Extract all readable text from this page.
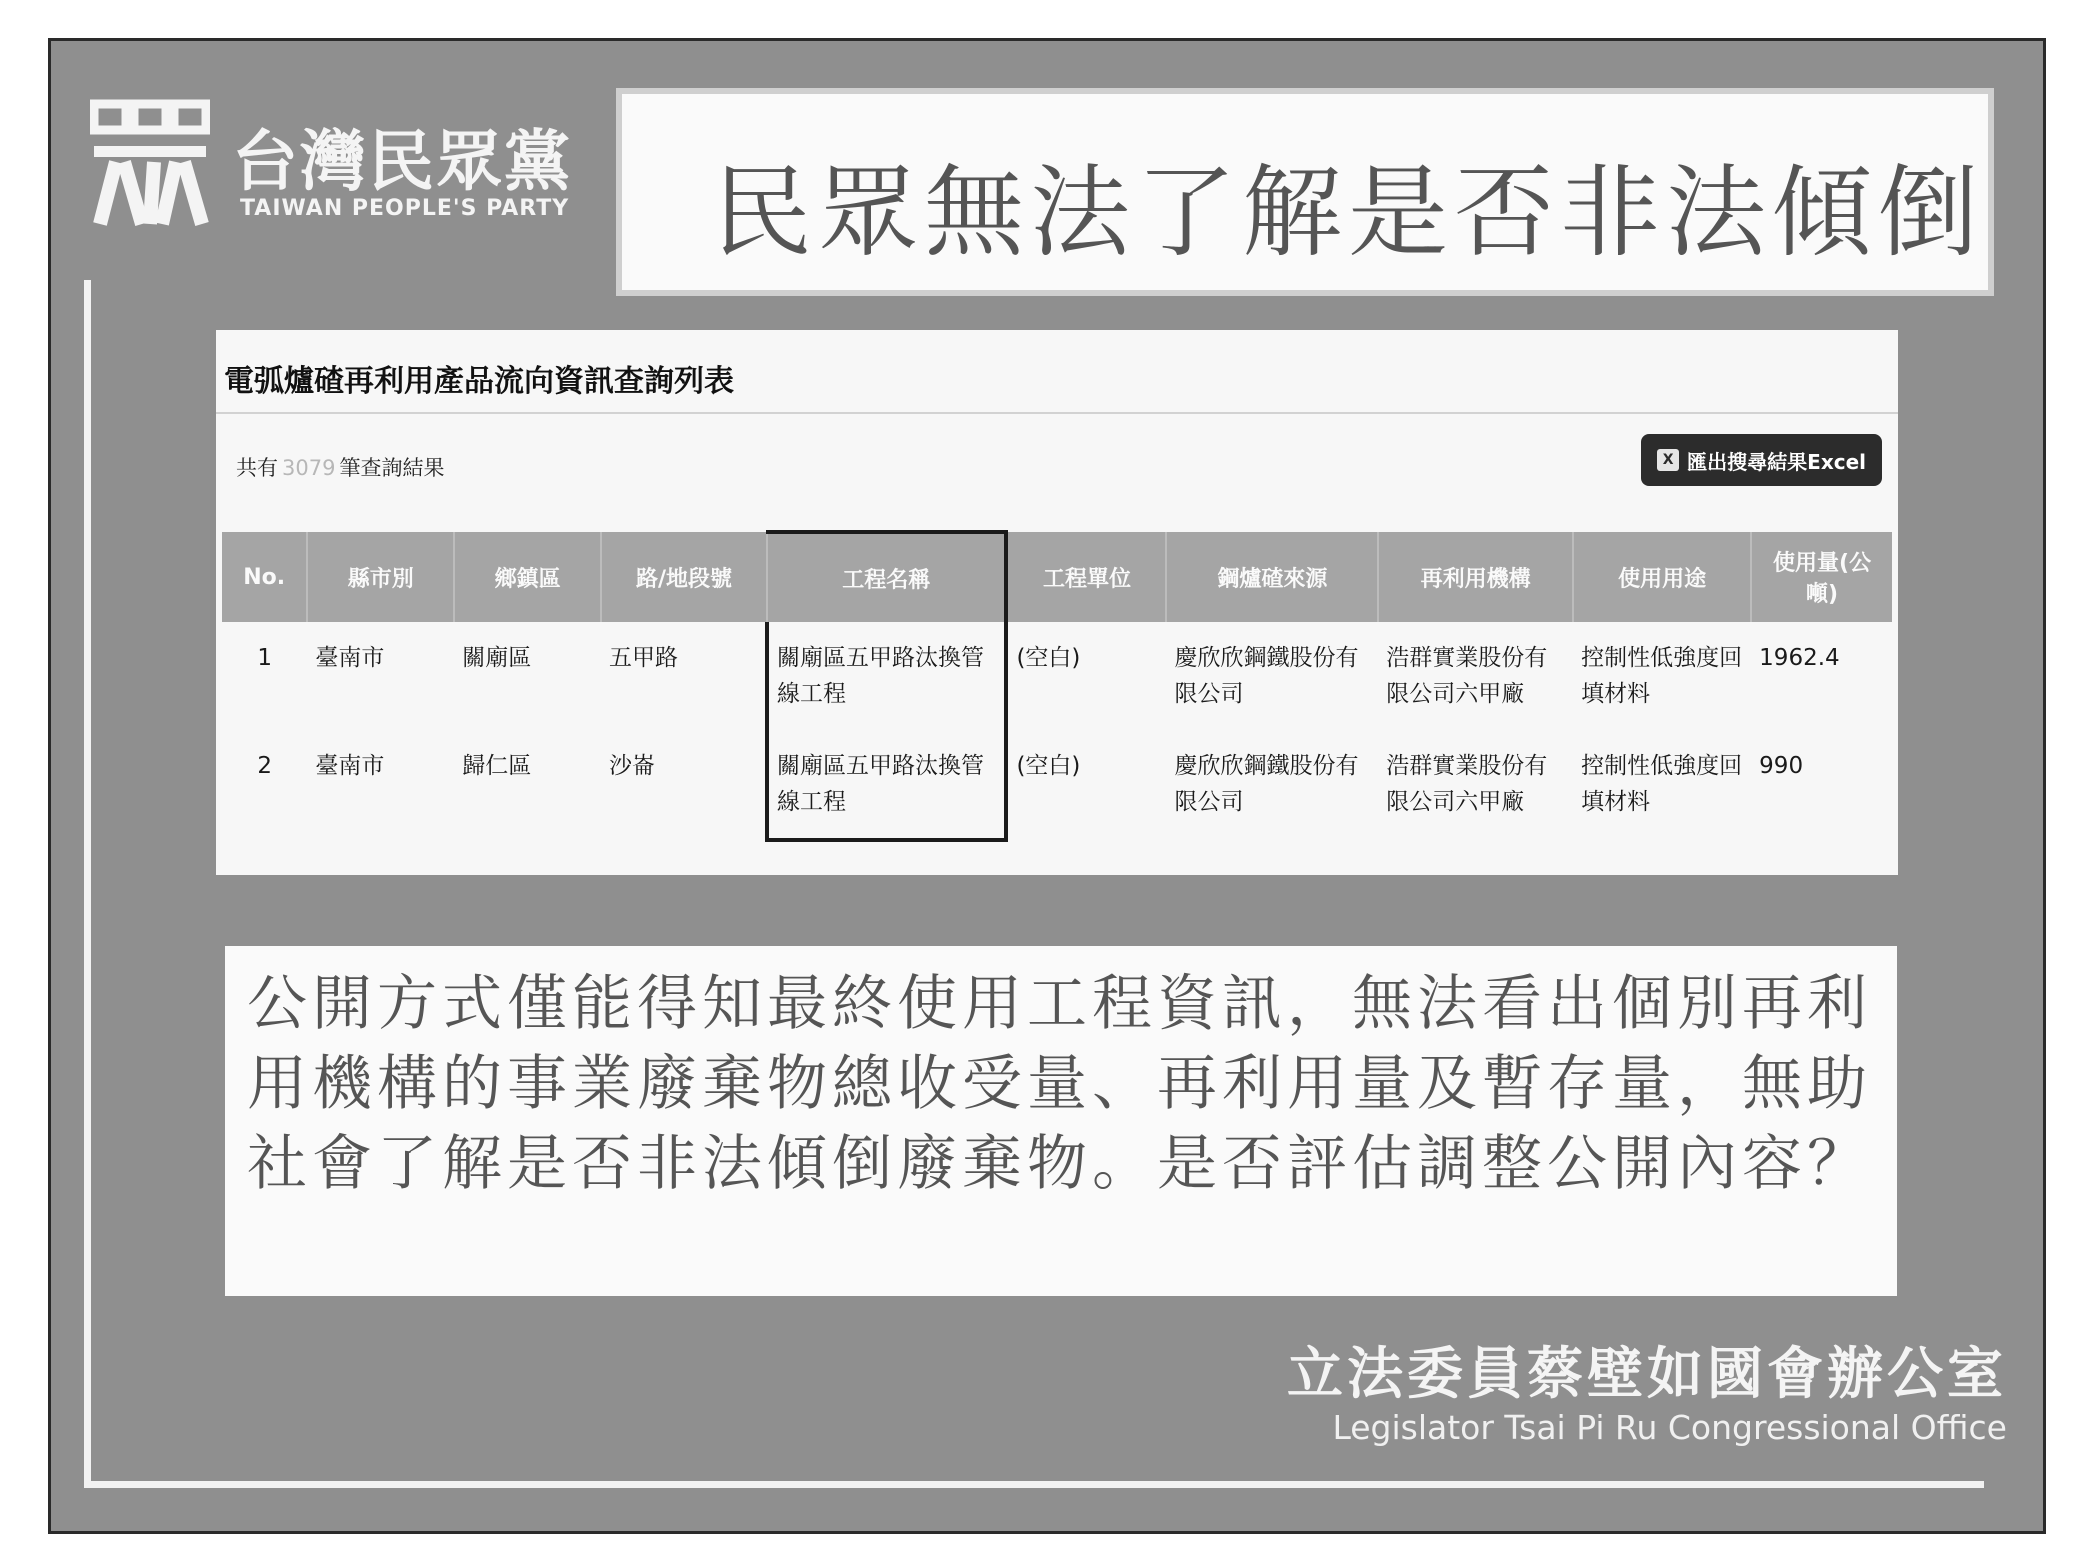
台灣民眾黨
TAIWAN PEOPLE'S PARTY 民眾無法了解是否非法傾倒
電弧爐碴再利用產品流向資訊查詢列表
共有 3079 筆查詢結果	X 匯出搜尋結果Excel
No.	縣市別	鄉鎮區	路/地段號	工程名稱	工程單位	鋼爐碴來源	再利用機構	使用用途	使用量(公噸)
1	臺南市	關廟區	五甲路	關廟區五甲路汰換管線工程	(空白)	慶欣欣鋼鐵股份有限公司	浩群實業股份有限公司六甲廠	控制性低強度回填材料	1962.4
2	臺南市	歸仁區	沙崙	關廟區五甲路汰換管線工程	(空白)	慶欣欣鋼鐵股份有限公司	浩群實業股份有限公司六甲廠	控制性低強度回填材料	990

公開方式僅能得知最終使用工程資訊，無法看出個別再利用機構的事業廢棄物總收受量、再利用量及暫存量，無助社會了解是否非法傾倒廢棄物。是否評估調整公開內容？

立法委員蔡壁如國會辦公室
Legislator Tsai Pi Ru Congressional Office
